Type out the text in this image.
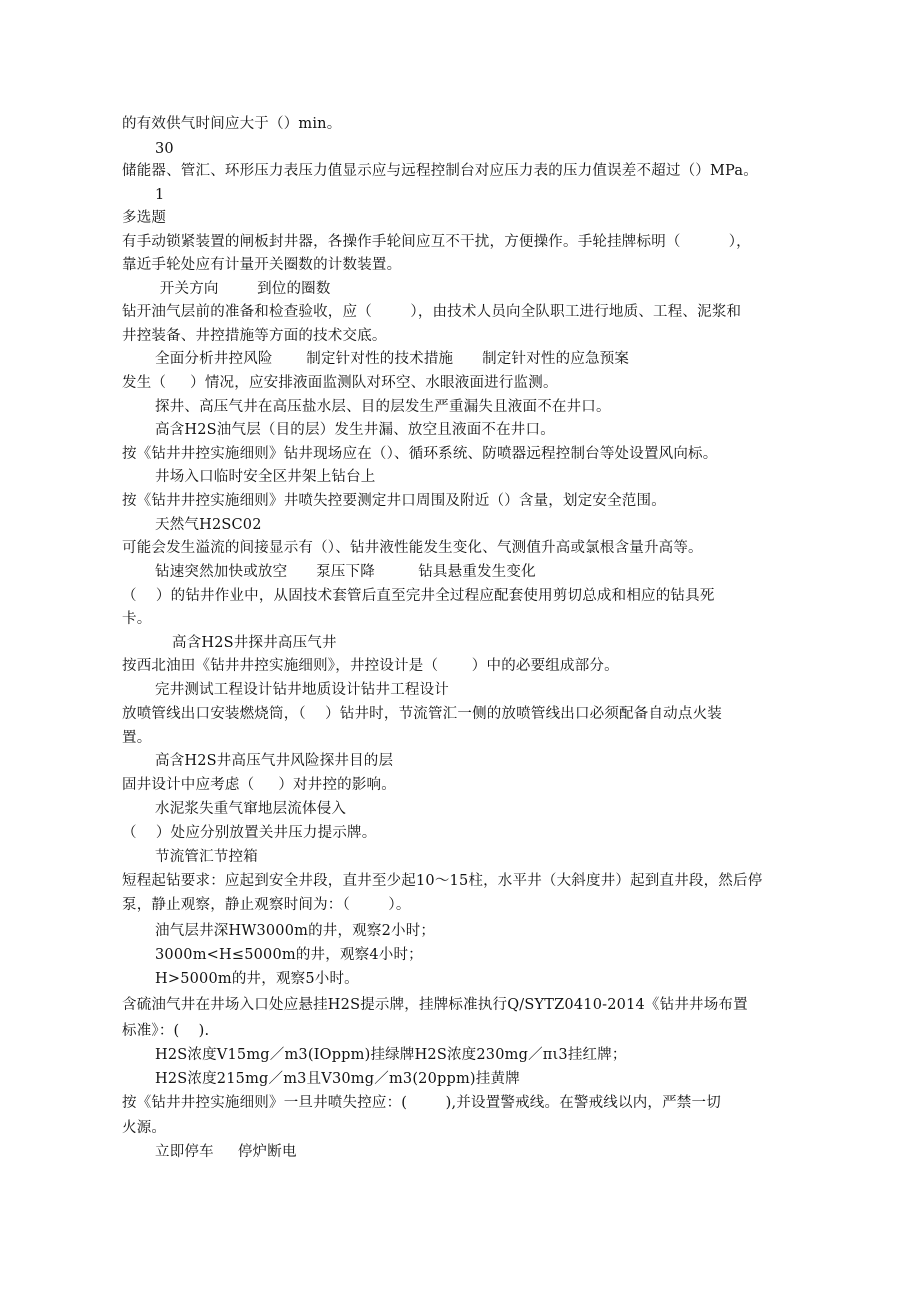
的有效供气时间应大于（）min。
30
储能器、管汇、环形压力表压力值显示应与远程控制台对应压力表的压力值误差不超过（）MPa。
1
多选题
有手动锁紧装置的闸板封井器，各操作手轮间应互不干扰，方便操作。手轮挂牌标明（          ），
靠近手轮处应有计量开关圈数的计数装置。
开关方向        到位的圈数
钻开油气层前的准备和检查验收，应（        ），由技术人员向全队职工进行地质、工程、泥浆和
井控装备、井控措施等方面的技术交底。
全面分析井控风险       制定针对性的技术措施      制定针对性的应急预案
发生（     ）情况，应安排液面监测队对环空、水眼液面进行监测。
探井、高压气井在高压盐水层、目的层发生严重漏失且液面不在井口。
高含H2S油气层（目的层）发生井漏、放空且液面不在井口。
按《钻井井控实施细则》钻井现场应在（）、循环系统、防喷器远程控制台等处设置风向标。
井场入口临时安全区井架上钻台上
按《钻井井控实施细则》井喷失控要测定井口周围及附近（）含量，划定安全范围。
天然气H2SC02
可能会发生溢流的间接显示有（）、钻井液性能发生变化、气测值升高或氯根含量升高等。
钻速突然加快或放空      泵压下降         钻具悬重发生变化
（    ）的钻井作业中，从固技术套管后直至完井全过程应配套使用剪切总成和相应的钻具死
卡。
高含H2S井探井高压气井
按西北油田《钻井井控实施细则》，井控设计是（       ）中的必要组成部分。
完井测试工程设计钻井地质设计钻井工程设计
放喷管线出口安装燃烧筒，（    ）钻井时，节流管汇一侧的放喷管线出口必须配备自动点火装
置。
高含H2S井高压气井风险探井目的层
固井设计中应考虑（     ）对井控的影响。
水泥浆失重气窜地层流体侵入
（    ）处应分别放置关井压力提示牌。
节流管汇节控箱
短程起钻要求：应起到安全井段，直井至少起10～15柱，水平井（大斜度井）起到直井段，然后停
泵，静止观察，静止观察时间为：（        ）。
油气层井深HW3000m的井，观察2小时；
3000m<H≤5000m的井，观察4小时；
H>5000m的井，观察5小时。
含硫油气井在井场入口处应悬挂H2S提示牌，挂牌标准执行Q/SYTZ0410-2014《钻井井场布置
标准》：(    ).
H2S浓度V15mg／m3(IOppm)挂绿牌H2S浓度230mg／πι3挂红牌；
H2S浓度215mg／m3且V30mg／m3(20ppm)挂黄牌
按《钻井井控实施细则》一旦井喷失控应：(        ),并设置警戒线。在警戒线以内，严禁一切
火源。
立即停车     停炉断电
